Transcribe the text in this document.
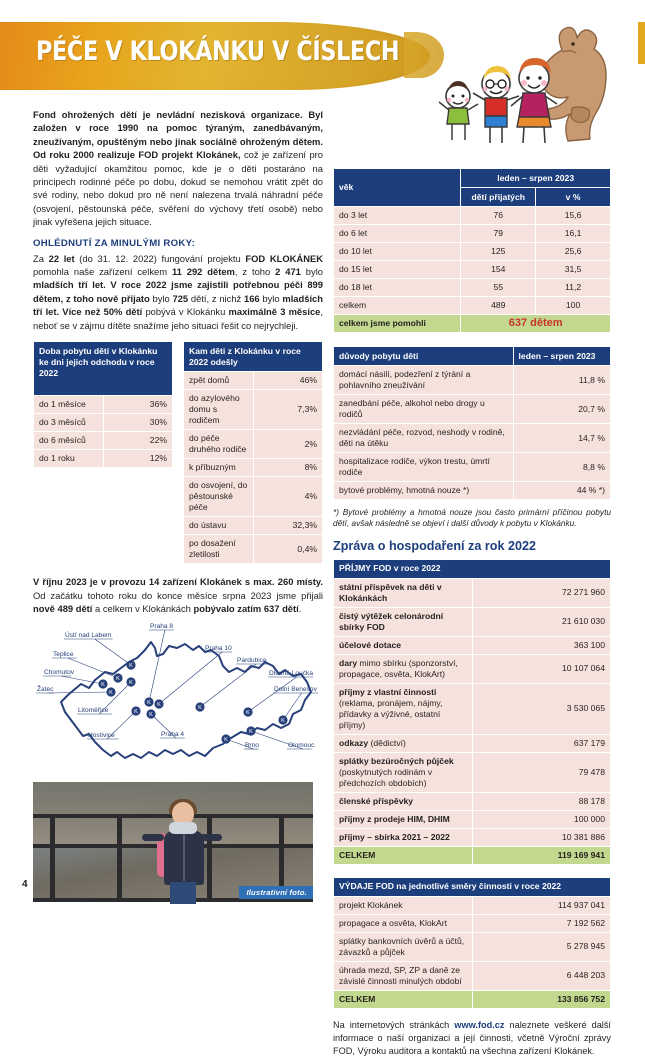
PÉČE V KLOKÁNKU V ČÍSLECH

Fond ohrožených dětí je nevládní nezisková organizace. Byl založen v roce 1990 na pomoc týraným, zanedbávaným, zneužívaným, opuštěným nebo jinak sociálně ohroženým dětem. Od roku 2000 realizuje FOD projekt Klokánek, což je zařízení pro děti vyžadující okamžitou pomoc, kde je o děti postaráno na principech rodinné péče po dobu, dokud se nemohou vrátit zpět do své rodiny, nebo dokud pro ně není nalezena trvalá náhradní péče (osvojení, pěstounská péče, svěření do výchovy třetí osobě) nebo jinak vyřešena jejich situace.

OHLÉDNUTÍ ZA MINULÝMI ROKY:

Za 22 let (do 31. 12. 2022) fungování projektu FOD KLOKÁNEK pomohla naše zařízení celkem 11 292 dětem, z toho 2 471 bylo mladších tří let. V roce 2022 jsme zajistili potřebnou péči 899 dětem, z toho nově přijato bylo 725 dětí, z nichž 166 bylo mladších tří let. Více než 50% dětí pobývá v Klokánku maximálně 3 měsíce, neboť se v zájmu dítěte snažíme jeho situaci řešit co nejrychleji.

Doba pobytu dětí v Klokánku ke dni jejich odchodu v roce 2022	
do 1 měsíce	36%
do 3 měsíců	30%
do 6 měsíců	22%
do 1 roku	12%
Kam děti z Klokánku v roce 2022 odešly	
zpět domů	46%
do azylového domu s rodičem	7,3%
do péče druhého rodiče	2%
k příbuzným	8%
do osvojení, do pěstounské péče	4%
do ústavu	32,3%
po dosažení zletilosti	0,4%

V říjnu 2023 je v provozu 14 zařízení Klokánek s max. 260 místy. Od začátku tohoto roku do konce měsíce srpna 2023 jsme přijali nově 489 dětí a celkem v Klokánkách pobývalo zatím 637 dětí.

K
Ústí nad Labem
K
Teplice
K
Chomutov
K
Žatec
K
Litoměřice	K
Hostivice
K
Praha 8
K
Praha 10
K
Praha 4
K
Pardubice
K
Dlouhá Loučka
K
Dolní Benešov
K
Olomouc
K
Brno
Ilustrativní foto.
věk	leden – srpen 2023	
	dětí přijatých	v %
do 3 let	76	15,6
do 6 let	79	16,1
do 10 let	125	25,6
do 15 let	154	31,5
do 18 let	55	11,2
celkem	489	100
celkem jsme pomohli	637 dětem	
důvody pobytu dětí	leden – srpen 2023
domácí násilí, podezření z týrání a pohlavního zneužívání	11,8 %
zanedbání péče, alkohol nebo drogy u rodičů	20,7 %
nezvládání péče, rozvod, neshody v rodině, děti na útěku	14,7 %
hospitalizace rodiče, výkon trestu, úmrtí rodiče	8,8 %
bytové problémy, hmotná nouze *)	44 % *)

*) Bytové problémy a hmotná nouze jsou často primární příčinou pobytu dětí, avšak následně se objeví i další důvody k pobytu v Klokánku.

Zpráva o hospodaření za rok 2022
PŘÍJMY FOD v roce 2022	
státní příspěvek na děti v Klokánkách	72 271 960
čistý výtěžek celonárodní sbírky FOD	21 610 030
účelové dotace	363 100
dary mimo sbírku (sponzorství, propagace, osvěta, KlokArt)	10 107 064
příjmy z vlastní činnosti (reklama, pronájem, nájmy, přídavky a výživné, ostatní příjmy)	3 530 065
odkazy (dědictví)	637 179
splátky bezúročných půjček (poskytnutých rodinám v předchozích obdobích)	79 478
členské příspěvky	88 178
příjmy z prodeje HIM, DHIM	100 000
příjmy – sbírka 2021 – 2022	10 381 886
CELKEM	119 169 941
VÝDAJE FOD na jednotlivé směry činnosti v roce 2022	
projekt Klokánek	114 937 041
propagace a osvěta, KlokArt	7 192 562
splátky bankovních úvěrů a účtů, závazků a půjček	5 278 945
úhrada mezd, SP, ZP a daně ze závislé činnosti minulých období	6 448 203
CELKEM	133 856 752

Na internetových stránkách www.fod.cz naleznete veškeré další informace o naší organizaci a její činnosti, včetně Výroční zprávy FOD, Výroku auditora a kontaktů na všechna zařízení Klokánek.

4
